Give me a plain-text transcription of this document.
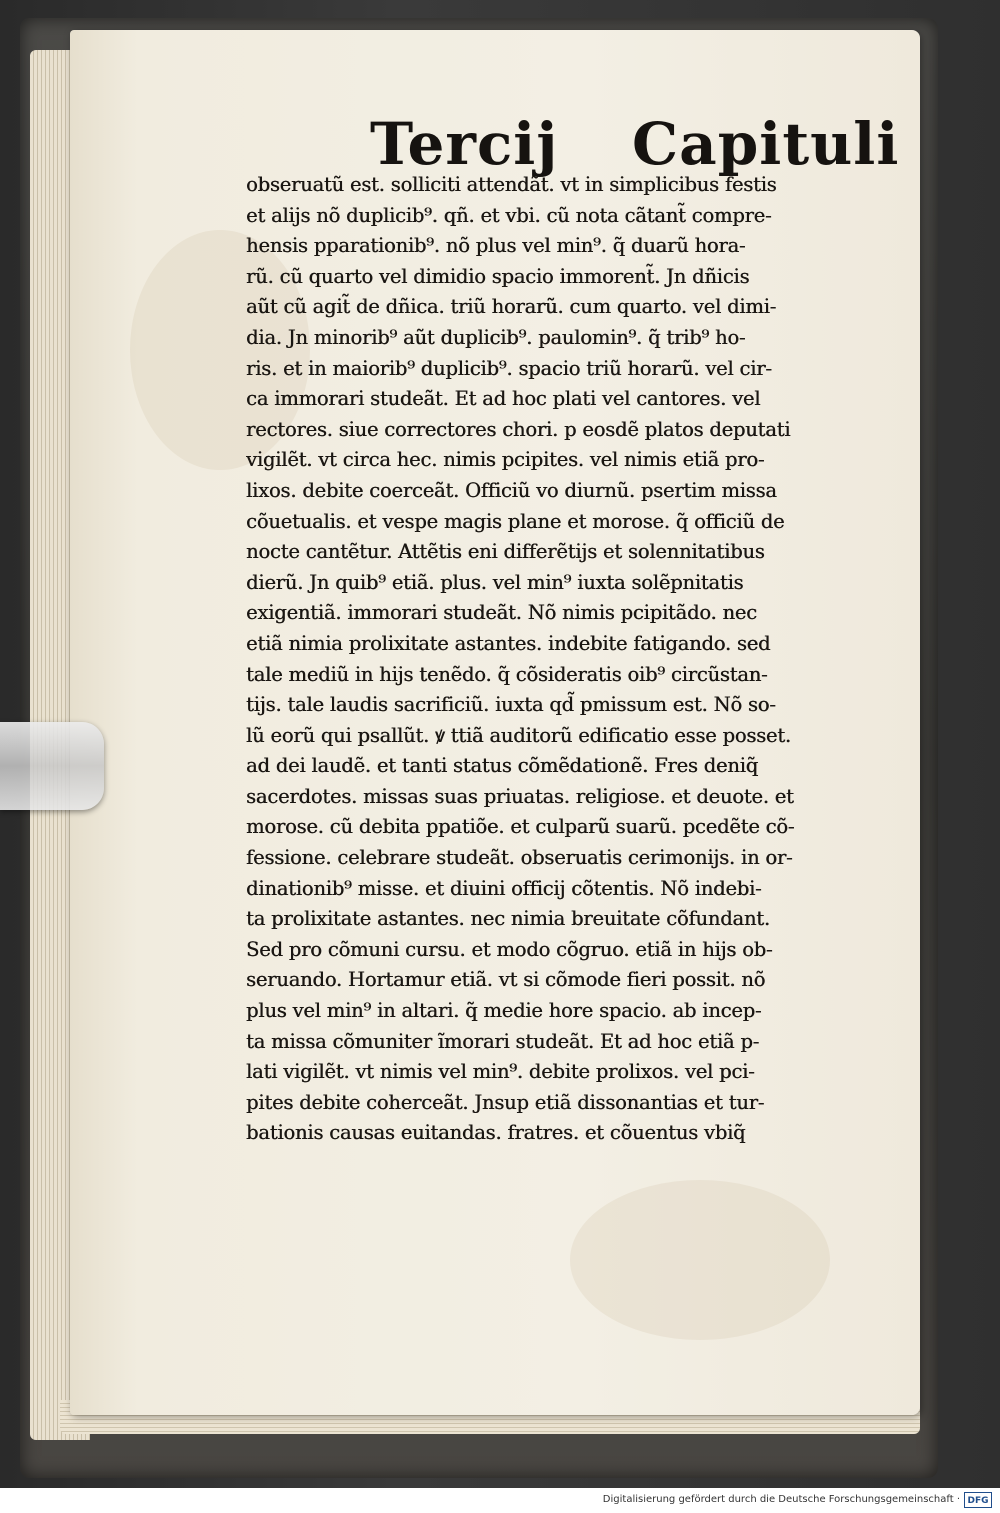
Tercij Capituli
obseruatũ est. solliciti attendãt. vt in simplicibus festis
et alijs nõ duplicib⁹. qñ. et vbi. cũ nota cãtant̃ compre-
hensis pparationib⁹. nõ plus vel min⁹. q̃ duarũ hora-
rũ. cũ quarto vel dimidio spacio immorent̃. Jn dñicis
aũt cũ agit̃ de dñica. triũ horarũ. cum quarto. vel dimi-
dia. Jn minorib⁹ aũt duplicib⁹. paulomin⁹. q̃ trib⁹ ho-
ris. et in maiorib⁹ duplicib⁹. spacio triũ horarũ. vel cir-
ca immorari studeãt. Et ad hoc plati vel cantores. vel
rectores. siue correctores chori. p eosdẽ platos deputati
vigilẽt. vt circa hec. nimis pcipites. vel nimis etiã pro-
lixos. debite coerceãt. Officiũ vo diurnũ. psertim missa
cõuetualis. et vespe magis plane et morose. q̃ officiũ de
nocte cantẽtur. Attẽtis eni differẽtijs et solennitatibus
dierũ. Jn quib⁹ etiã. plus. vel min⁹ iuxta solẽpnitatis
exigentiã. immorari studeãt. Nõ nimis pcipitãdo. nec
etiã nimia prolixitate astantes. indebite fatigando. sed
tale mediũ in hijs tenẽdo. q̃ cõsideratis oib⁹ circũstan-
tijs. tale laudis sacrificiũ. iuxta qd̃ pmissum est. Nõ so-
lũ eorũ qui psallũt. ꝟ ttiã auditorũ edificatio esse posset.
ad dei laudẽ. et tanti status cõmẽdationẽ. Fres deniq̃
sacerdotes. missas suas priuatas. religiose. et deuote. et
morose. cũ debita ppatiõe. et culparũ suarũ. pcedẽte cõ-
fessione. celebrare studeãt. obseruatis cerimonijs. in or-
dinationib⁹ misse. et diuini officij cõtentis. Nõ indebi-
ta prolixitate astantes. nec nimia breuitate cõfundant.
Sed pro cõmuni cursu. et modo cõgruo. etiã in hijs ob-
seruando. Hortamur etiã. vt si cõmode fieri possit. nõ
plus vel min⁹ in altari. q̃ medie hore spacio. ab incep-
ta missa cõmuniter ĩmorari studeãt. Et ad hoc etiã p-
lati vigilẽt. vt nimis vel min⁹. debite prolixos. vel pci-
pites debite coherceãt. Jnsup etiã dissonantias et tur-
bationis causas euitandas. fratres. et cõuentus vbiq̃
Digitalisierung gefördert durch die Deutsche Forschungsgemeinschaft · DFG
